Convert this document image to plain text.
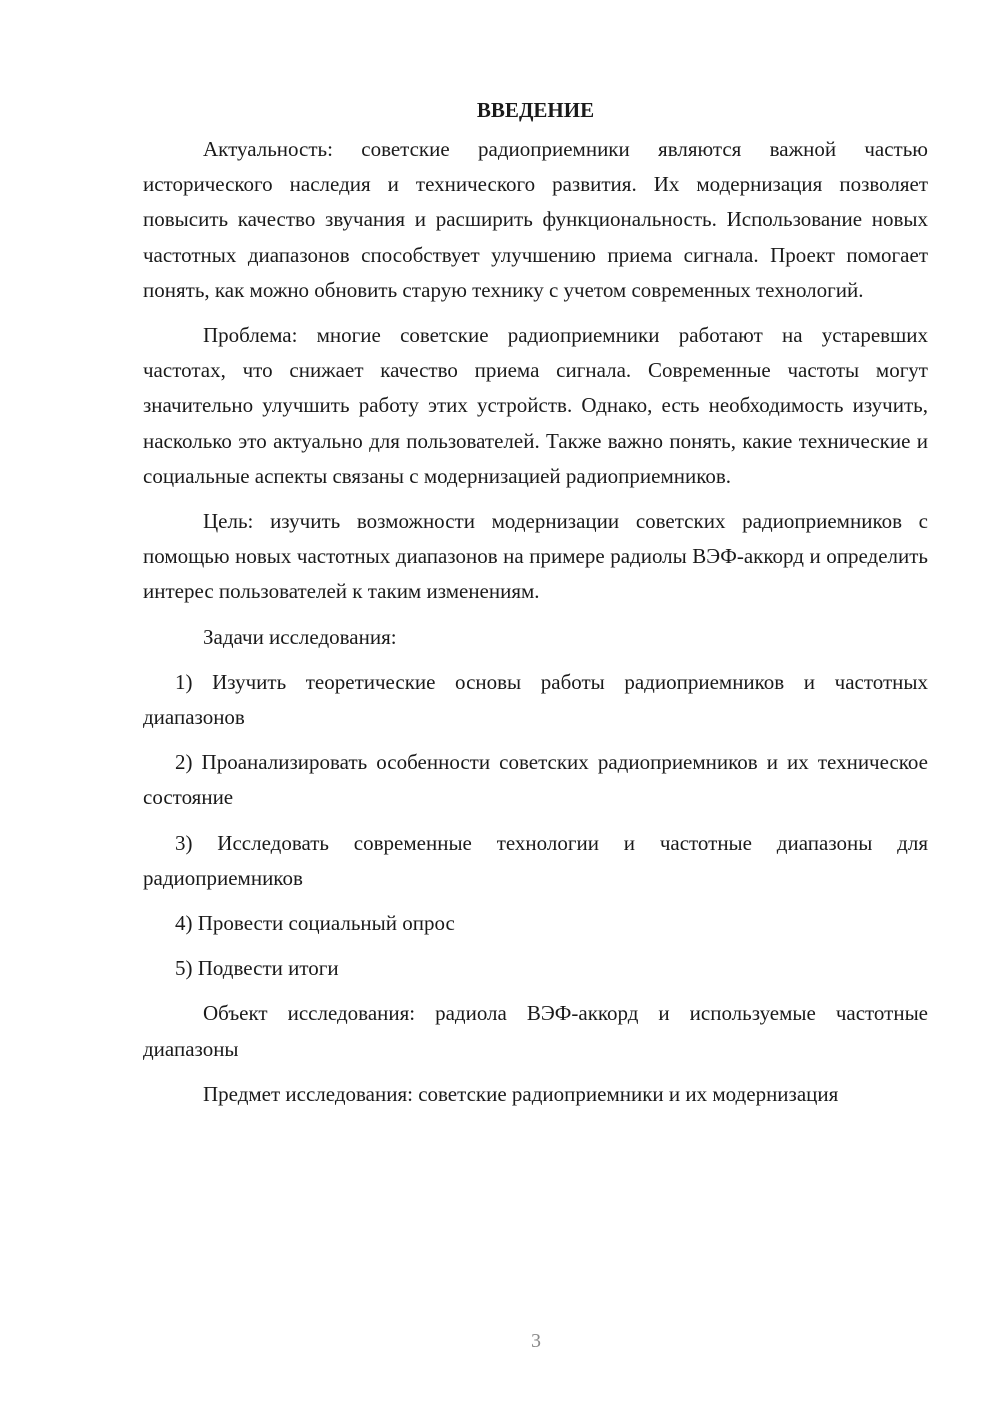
ВВЕДЕНИЕ

Актуальность: советские радиоприемники являются важной частью исторического наследия и технического развития. Их модернизация позволяет повысить качество звучания и расширить функциональность. Использование новых частотных диапазонов способствует улучшению приема сигнала. Проект помогает понять, как можно обновить старую технику с учетом современных технологий.

Проблема: многие советские радиоприемники работают на устаревших частотах, что снижает качество приема сигнала. Современные частоты могут значительно улучшить работу этих устройств. Однако, есть необходимость изучить, насколько это актуально для пользователей. Также важно понять, какие технические и социальные аспекты связаны с модернизацией радиоприемников.

Цель: изучить возможности модернизации советских радиоприемников с помощью новых частотных диапазонов на примере радиолы ВЭФ-аккорд и определить интерес пользователей к таким изменениям.

Задачи исследования:

1) Изучить теоретические основы работы радиоприемников и частотных диапазонов

2) Проанализировать особенности советских радиоприемников и их техническое состояние

3) Исследовать современные технологии и частотные диапазоны для радиоприемников

4) Провести социальный опрос

5) Подвести итоги

Объект исследования: радиола ВЭФ-аккорд и используемые частотные диапазоны

Предмет исследования: советские радиоприемники и их модернизация

3
